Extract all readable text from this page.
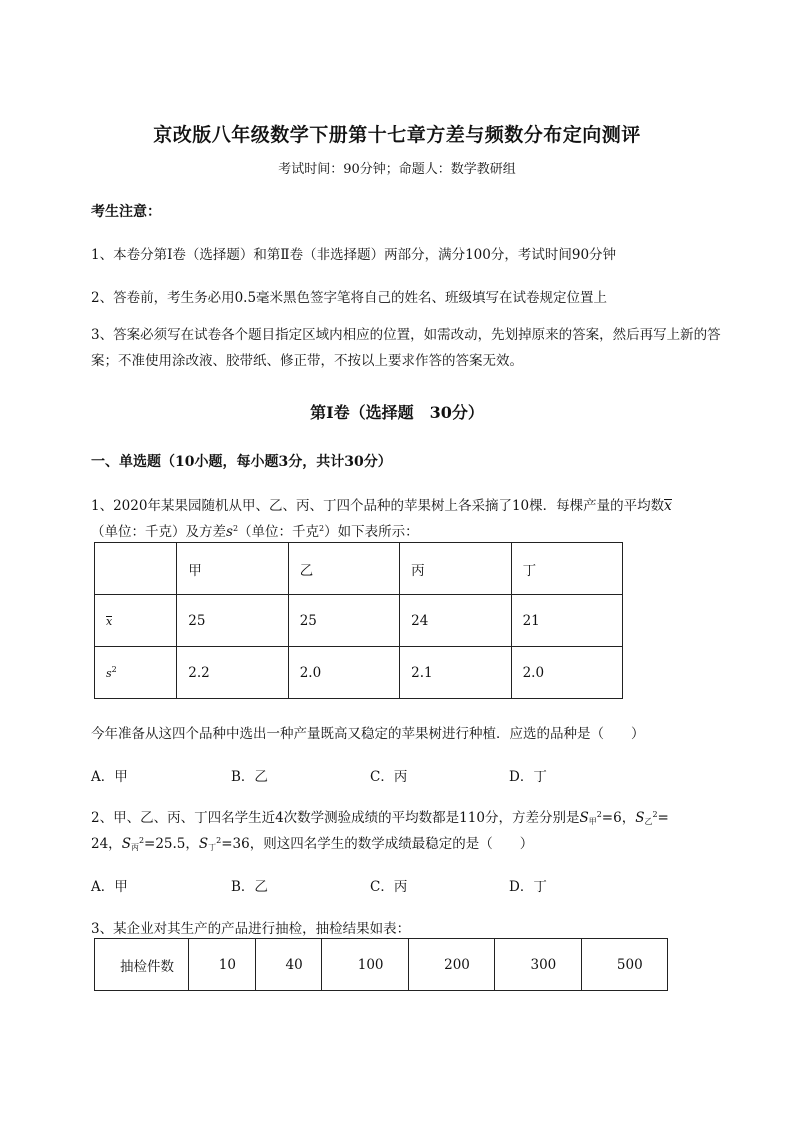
京改版八年级数学下册第十七章方差与频数分布定向测评
考试时间：90分钟；命题人：数学教研组
考生注意：
1、本卷分第I卷（选择题）和第Ⅱ卷（非选择题）两部分，满分100分，考试时间90分钟
2、答卷前，考生务必用0.5毫米黑色签字笔将自己的姓名、班级填写在试卷规定位置上
3、答案必须写在试卷各个题目指定区域内相应的位置，如需改动，先划掉原来的答案，然后再写上新的答案；不准使用涂改液、胶带纸、修正带，不按以上要求作答的答案无效。
第I卷（选择题　30分）
一、单选题（10小题，每小题3分，共计30分）
1、2020年某果园随机从甲、乙、丙、丁四个品种的苹果树上各采摘了10棵．每棵产量的平均数x
（单位：千克）及方差$s^2$（单位：千克$^2$）如下表所示：
	甲	乙	丙	丁
x	25	25	24	21
$s^2$	2.2	2.0	2.1	2.0
今年准备从这四个品种中选出一种产量既高又稳定的苹果树进行种植．应选的品种是（　　）
A．甲	B．乙	C．丙	D．丁
2、甲、乙、丙、丁四名学生近4次数学测验成绩的平均数都是110分，方差分别是$S_甲^2=6$，$S_乙^2=$
24，$S_丙^2=25.5$，$S_丁^2=36$，则这四名学生的数学成绩最稳定的是（　　）
A．甲	B．乙	C．丙	D．丁
3、某企业对其生产的产品进行抽检，抽检结果如表：
抽检件数	10	40	100	200	300	500
